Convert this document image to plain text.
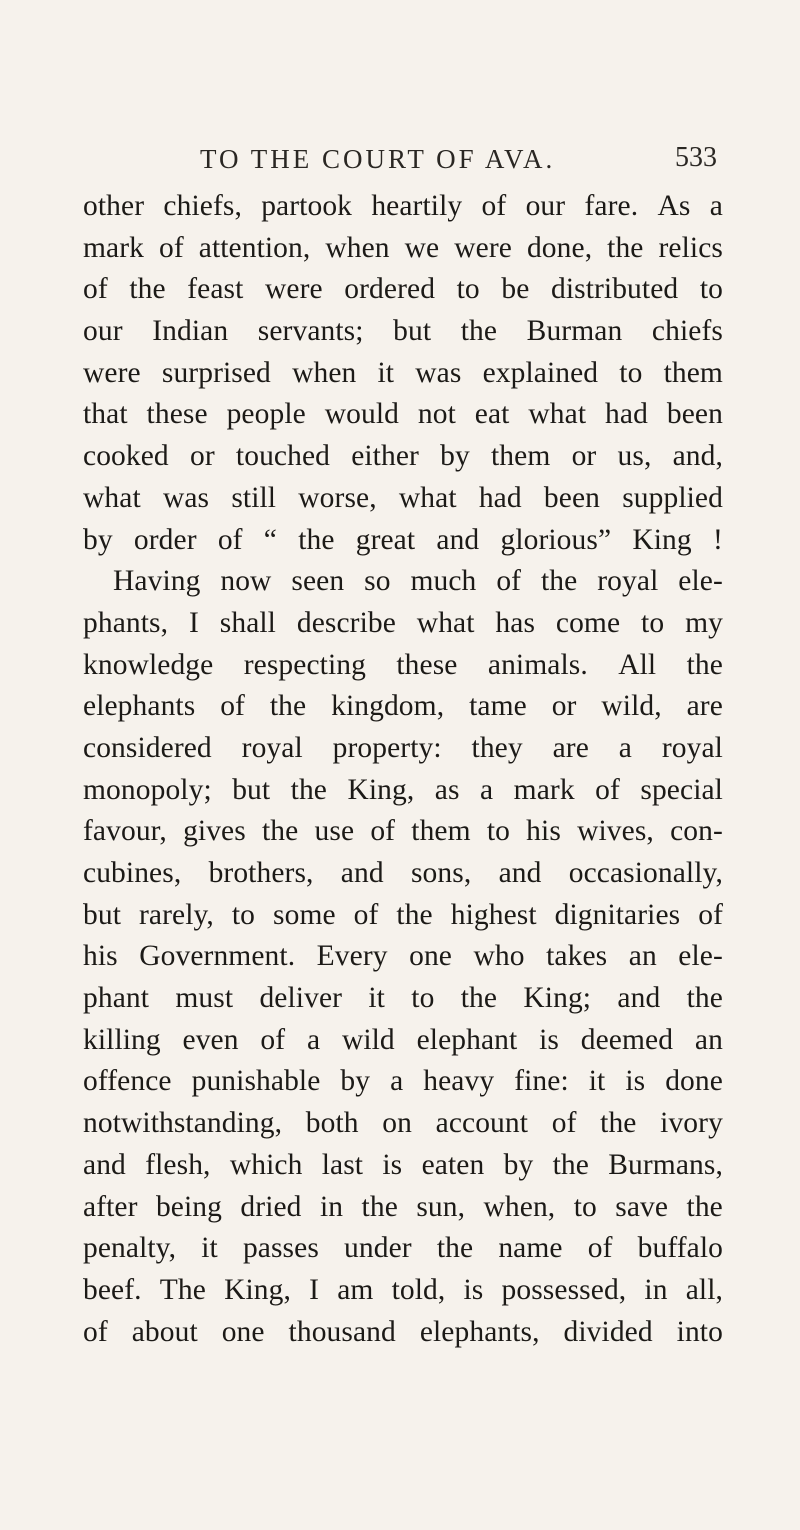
TO THE COURT OF AVA.	533
other chiefs, partook heartily of our fare. As a
mark of attention, when we were done, the relics
of the feast were ordered to be distributed to
our Indian servants; but the Burman chiefs
were surprised when it was explained to them
that these people would not eat what had been
cooked or touched either by them or us, and,
what was still worse, what had been supplied
by order of “ the great and glorious” King !
Having now seen so much of the royal ele-
phants, I shall describe what has come to my
knowledge respecting these animals. All the
elephants of the kingdom, tame or wild, are
considered royal property: they are a royal
monopoly; but the King, as a mark of special
favour, gives the use of them to his wives, con-
cubines, brothers, and sons, and occasionally,
but rarely, to some of the highest dignitaries of
his Government. Every one who takes an ele-
phant must deliver it to the King; and the
killing even of a wild elephant is deemed an
offence punishable by a heavy fine: it is done
notwithstanding, both on account of the ivory
and flesh, which last is eaten by the Burmans,
after being dried in the sun, when, to save the
penalty, it passes under the name of buffalo
beef. The King, I am told, is possessed, in all,
of about one thousand elephants, divided into
